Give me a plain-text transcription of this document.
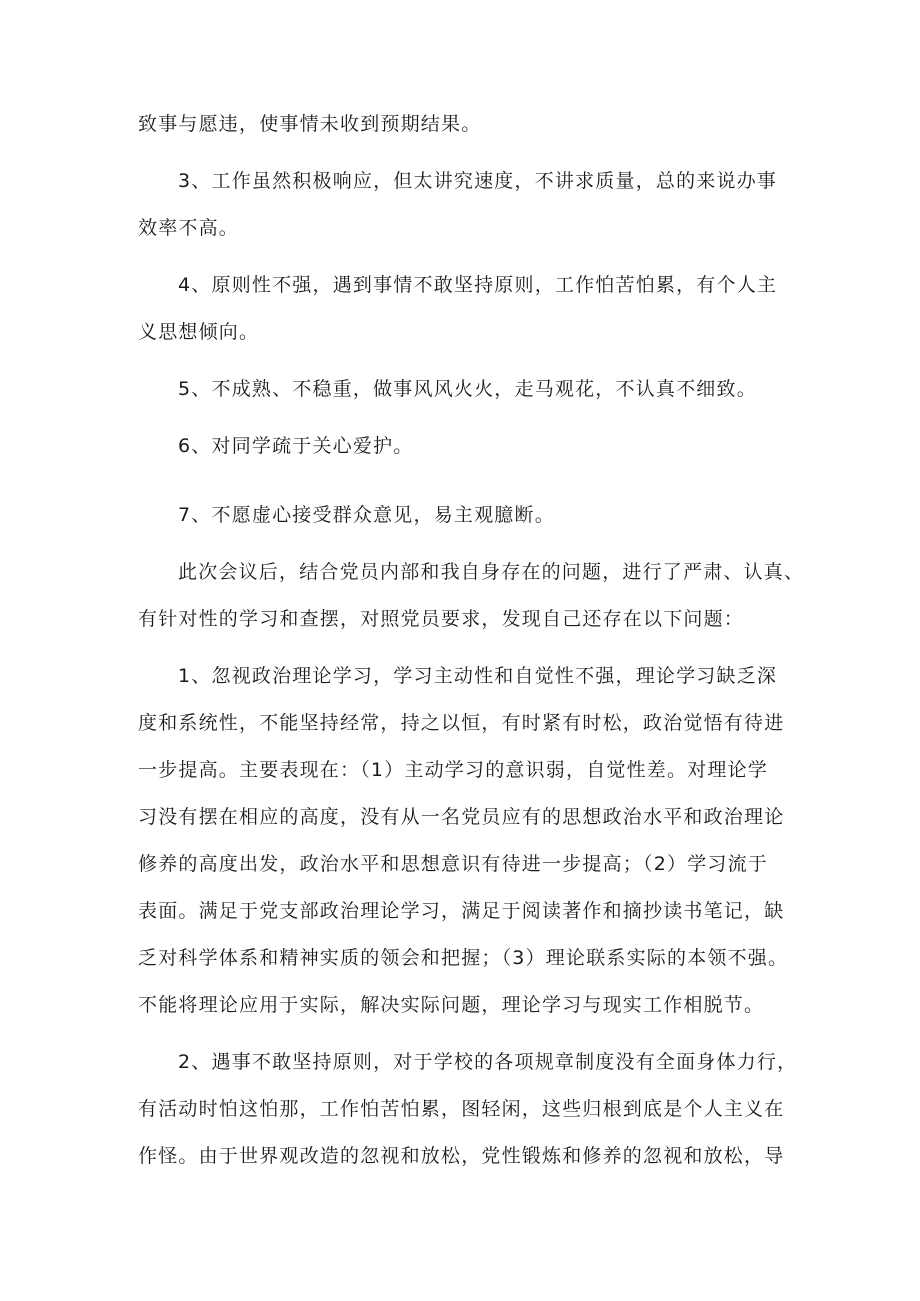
致事与愿违，使事情未收到预期结果。
3、工作虽然积极响应，但太讲究速度，不讲求质量，总的来说办事
效率不高。
4、原则性不强，遇到事情不敢坚持原则，工作怕苦怕累，有个人主
义思想倾向。
5、不成熟、不稳重，做事风风火火，走马观花，不认真不细致。
6、对同学疏于关心爱护。
7、不愿虚心接受群众意见，易主观臆断。
此次会议后，结合党员内部和我自身存在的问题，进行了严肃、认真、
有针对性的学习和查摆，对照党员要求，发现自己还存在以下问题：
1、忽视政治理论学习，学习主动性和自觉性不强，理论学习缺乏深
度和系统性，不能坚持经常，持之以恒，有时紧有时松，政治觉悟有待进
一步提高。主要表现在：（1）主动学习的意识弱，自觉性差。对理论学
习没有摆在相应的高度，没有从一名党员应有的思想政治水平和政治理论
修养的高度出发，政治水平和思想意识有待进一步提高；（2）学习流于
表面。满足于党支部政治理论学习，满足于阅读著作和摘抄读书笔记，缺
乏对科学体系和精神实质的领会和把握；（3）理论联系实际的本领不强。
不能将理论应用于实际，解决实际问题，理论学习与现实工作相脱节。
2、遇事不敢坚持原则，对于学校的各项规章制度没有全面身体力行，
有活动时怕这怕那，工作怕苦怕累，图轻闲，这些归根到底是个人主义在
作怪。由于世界观改造的忽视和放松，党性锻炼和修养的忽视和放松，导
